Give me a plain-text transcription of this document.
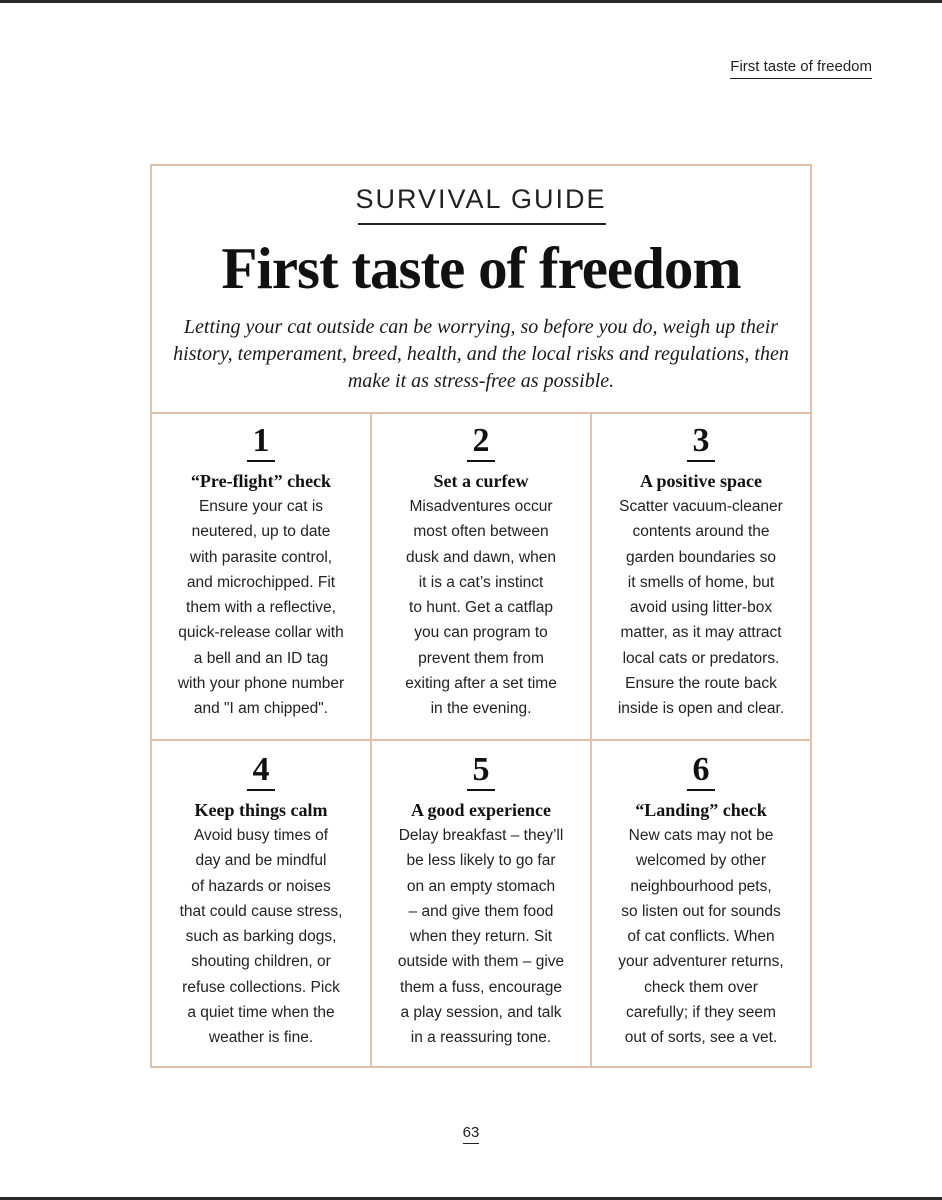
First taste of freedom
SURVIVAL GUIDE
First taste of freedom
Letting your cat outside can be worrying, so before you do, weigh up their history, temperament, breed, health, and the local risks and regulations, then make it as stress-free as possible.
1
“Pre-flight” check
Ensure your cat is
neutered, up to date
with parasite control,
and microchipped. Fit
them with a reflective,
quick-release collar with
a bell and an ID tag
with your phone number
and "I am chipped".
2
Set a curfew
Misadventures occur
most often between
dusk and dawn, when
it is a cat’s instinct
to hunt. Get a catflap
you can program to
prevent them from
exiting after a set time
in the evening.
3
A positive space
Scatter vacuum-cleaner
contents around the
garden boundaries so
it smells of home, but
avoid using litter-box
matter, as it may attract
local cats or predators.
Ensure the route back
inside is open and clear.
4
Keep things calm
Avoid busy times of
day and be mindful
of hazards or noises
that could cause stress,
such as barking dogs,
shouting children, or
refuse collections. Pick
a quiet time when the
weather is fine.
5
A good experience
Delay breakfast – they’ll
be less likely to go far
on an empty stomach
– and give them food
when they return. Sit
outside with them – give
them a fuss, encourage
a play session, and talk
in a reassuring tone.
6
“Landing” check
New cats may not be
welcomed by other
neighbourhood pets,
so listen out for sounds
of cat conflicts. When
your adventurer returns,
check them over
carefully; if they seem
out of sorts, see a vet.
63
